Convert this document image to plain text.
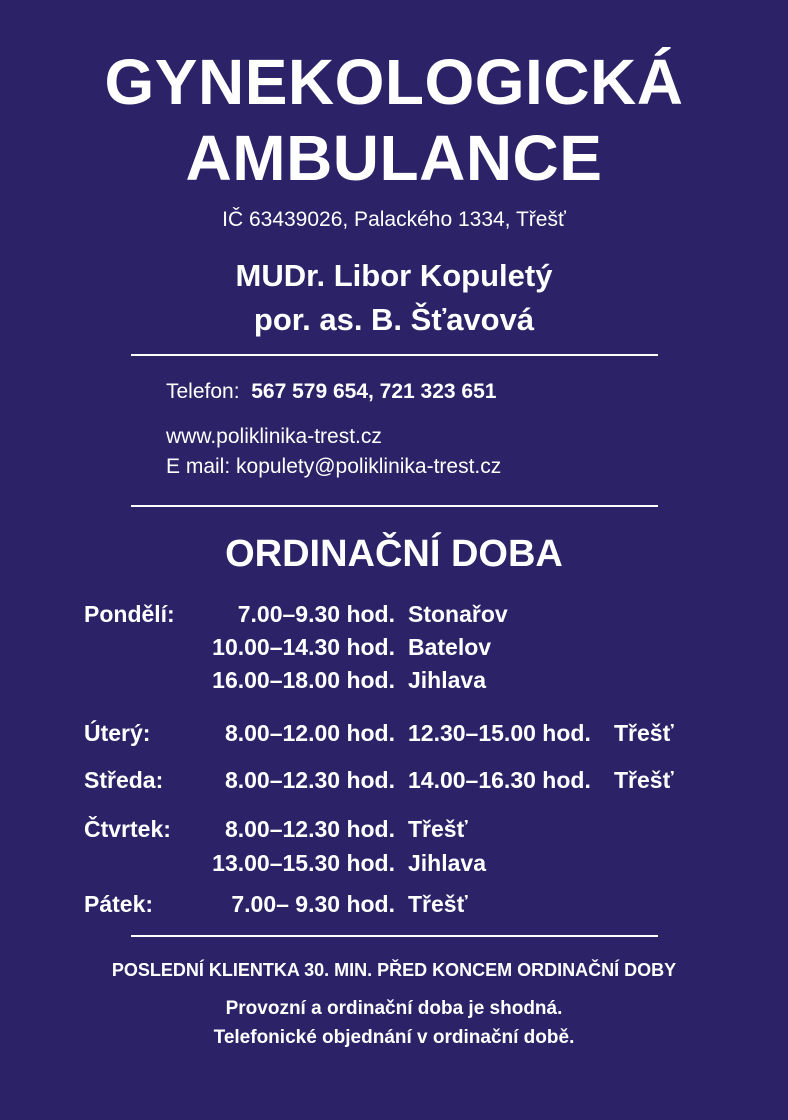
GYNEKOLOGICKÁ
AMBULANCE
IČ 63439026, Palackého 1334, Třešť
MUDr. Libor Kopuletý
por. as. B. Šťavová
Telefon: 567 579 654, 721 323 651
www.poliklinika-trest.cz
E mail: kopulety@poliklinika-trest.cz
ORDINAČNÍ DOBA
Pondělí:	7.00–9.30 hod. Stonařov
10.00–14.30 hod. Batelov
16.00–18.00 hod. Jihlava
Úterý:	8.00–12.00 hod. 12.30–15.00 hod. Třešť
Středa:	8.00–12.30 hod. 14.00–16.30 hod. Třešť
Čtvrtek: 8.00–12.30 hod. Třešť
13.00–15.30 hod. Jihlava
Pátek:	7.00– 9.30 hod. Třešť
POSLEDNÍ KLIENTKA 30. MIN. PŘED KONCEM ORDINAČNÍ DOBY
Provozní a ordinační doba je shodná.
Telefonické objednání v ordinační době.
